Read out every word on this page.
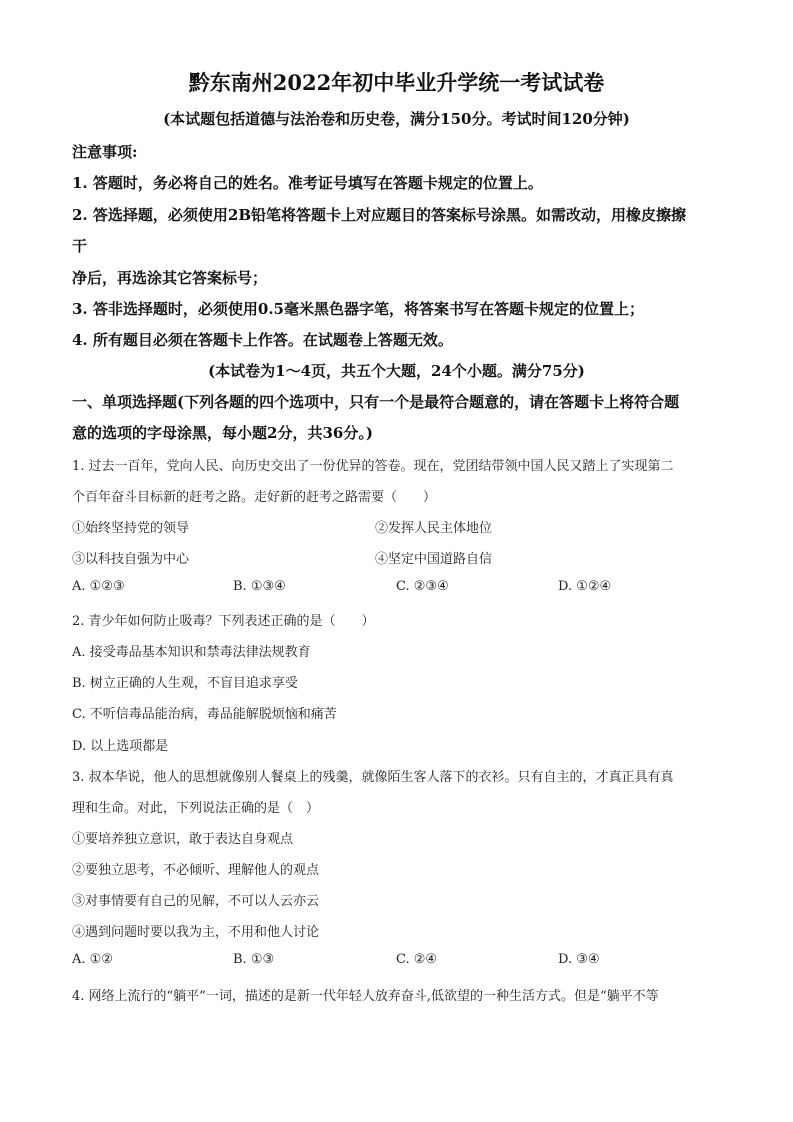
黔东南州2022年初中毕业升学统一考试试卷
(本试题包括道德与法治卷和历史卷，满分150分。考试时间120分钟)
注意事项:
1. 答题时，务必将自己的姓名。准考证号填写在答题卡规定的位置上。
2. 答选择题，必须使用2B铅笔将答题卡上对应题目的答案标号涂黑。如需改动，用橡皮擦擦
干
净后，再选涂其它答案标号；
3. 答非选择题时，必须使用0.5毫米黑色器字笔，将答案书写在答题卡规定的位置上；
4. 所有题目必须在答题卡上作答。在试题卷上答题无效。
(本试卷为1～4页，共五个大题，24个小题。满分75分)
一、单项选择题(下列各题的四个选项中，只有一个是最符合题意的，请在答题卡上将符合题
意的选项的字母涂黑，每小题2分，共36分。)
1. 过去一百年，党向人民、向历史交出了一份优异的答卷。现在，党团结带领中国人民又踏上了实现第二
个百年奋斗目标新的赶考之路。走好新的赶考之路需要（　　）
①始终坚持党的领导	②发挥人民主体地位
③以科技自强为中心	④坚定中国道路自信
A. ①②③	B. ①③④	C. ②③④	D. ①②④
2. 青少年如何防止吸毒？下列表述正确的是（　　）
A. 接受毒品基本知识和禁毒法律法规教育
B. 树立正确的人生观，不盲目追求享受
C. 不听信毒品能治病，毒品能解脱烦恼和痛苦
D. 以上选项都是
3. 叔本华说，他人的思想就像别人餐桌上的残羹，就像陌生客人落下的衣衫。只有自主的，才真正具有真
理和生命。对此，下列说法正确的是（　）
①要培养独立意识，敢于表达自身观点
②要独立思考，不必倾听、理解他人的观点
③对事情要有自己的见解，不可以人云亦云
④遇到问题时要以我为主，不用和他人讨论
A. ①②	B. ①③	C. ②④	D. ③④
4. 网络上流行的“躺平”一词，描述的是新一代年轻人放弃奋斗,低欲望的一种生活方式。但是“躺平不等
